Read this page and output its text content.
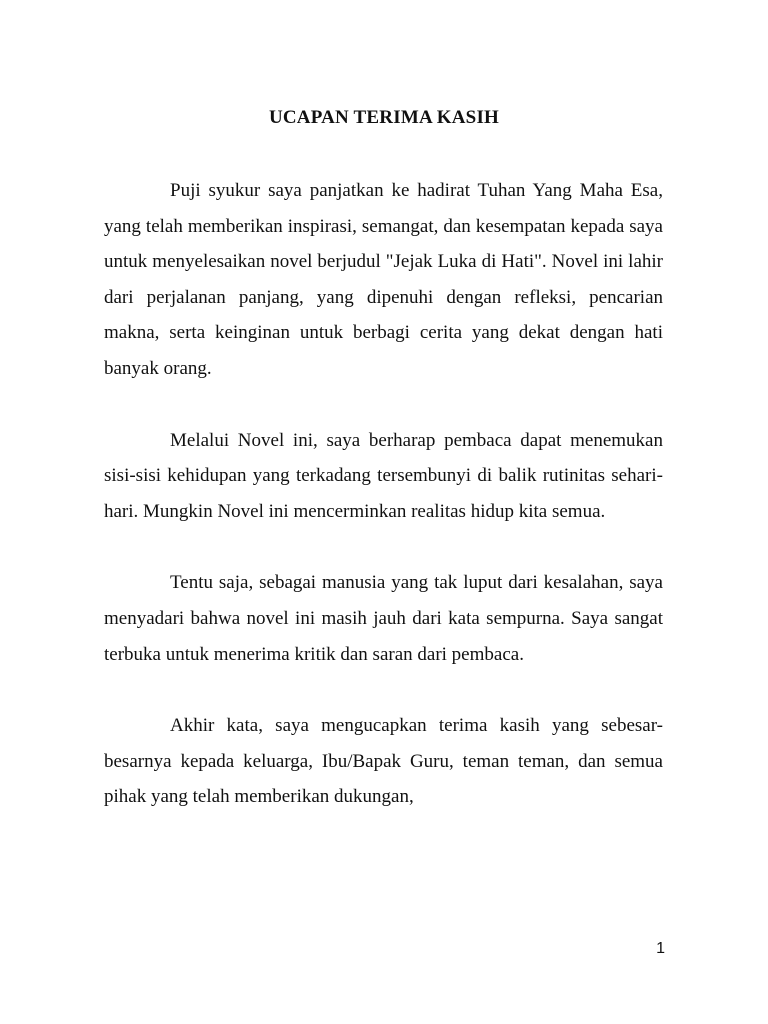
UCAPAN TERIMA KASIH

Puji syukur saya panjatkan ke hadirat Tuhan Yang Maha Esa, yang telah memberikan inspirasi, semangat, dan kesempatan kepada saya untuk menyelesaikan novel berjudul "Jejak Luka di Hati". Novel ini lahir dari perjalanan panjang, yang dipenuhi dengan refleksi, pencarian makna, serta keinginan untuk berbagi cerita yang dekat dengan hati banyak orang.

Melalui Novel ini, saya berharap pembaca dapat menemukan sisi-sisi kehidupan yang terkadang tersembunyi di balik rutinitas sehari-hari. Mungkin Novel ini mencerminkan realitas hidup kita semua.

Tentu saja, sebagai manusia yang tak luput dari kesalahan, saya menyadari bahwa novel ini masih jauh dari kata sempurna. Saya sangat terbuka untuk menerima kritik dan saran dari pembaca.

Akhir kata, saya mengucapkan terima kasih yang sebesar-besarnya kepada keluarga, Ibu/Bapak Guru, teman teman, dan semua pihak yang telah memberikan dukungan,

1
